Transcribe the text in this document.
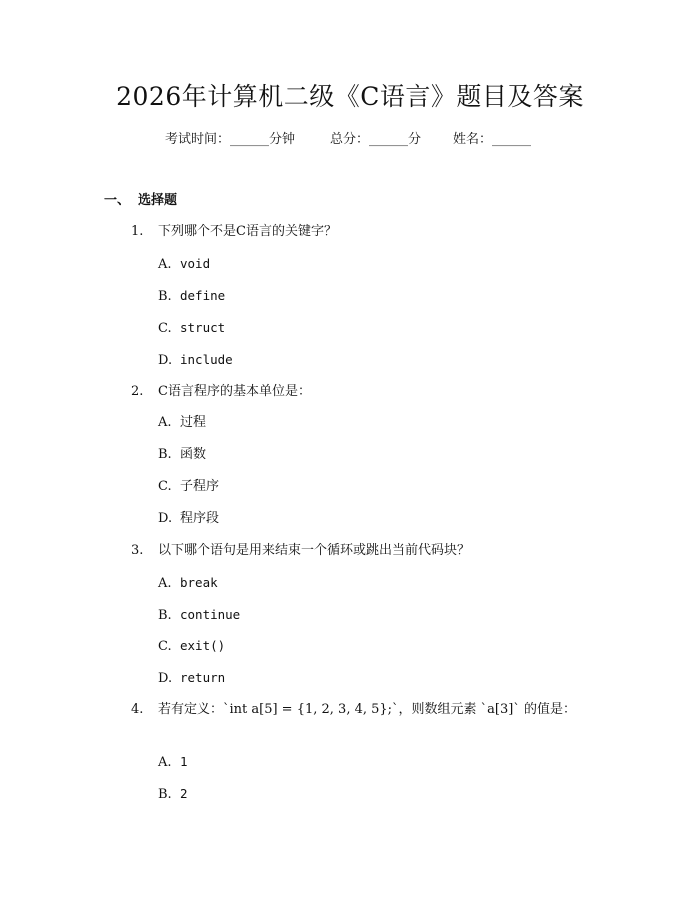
2026年计算机二级《C语言》题目及答案
考试时间：______分钟	总分：______分 姓名：______
一、 选择题
1. 下列哪个不是C语言的关键字？
A. void
B. define
C. struct
D. include
2. C语言程序的基本单位是：
A. 过程
B. 函数
C. 子程序
D. 程序段
3. 以下哪个语句是用来结束一个循环或跳出当前代码块？
A. break
B. continue
C. exit()
D. return
4. 若有定义：`int a[5] = {1, 2, 3, 4, 5};`，则数组元素 `a[3]` 的值是：
A. 1
B. 2
